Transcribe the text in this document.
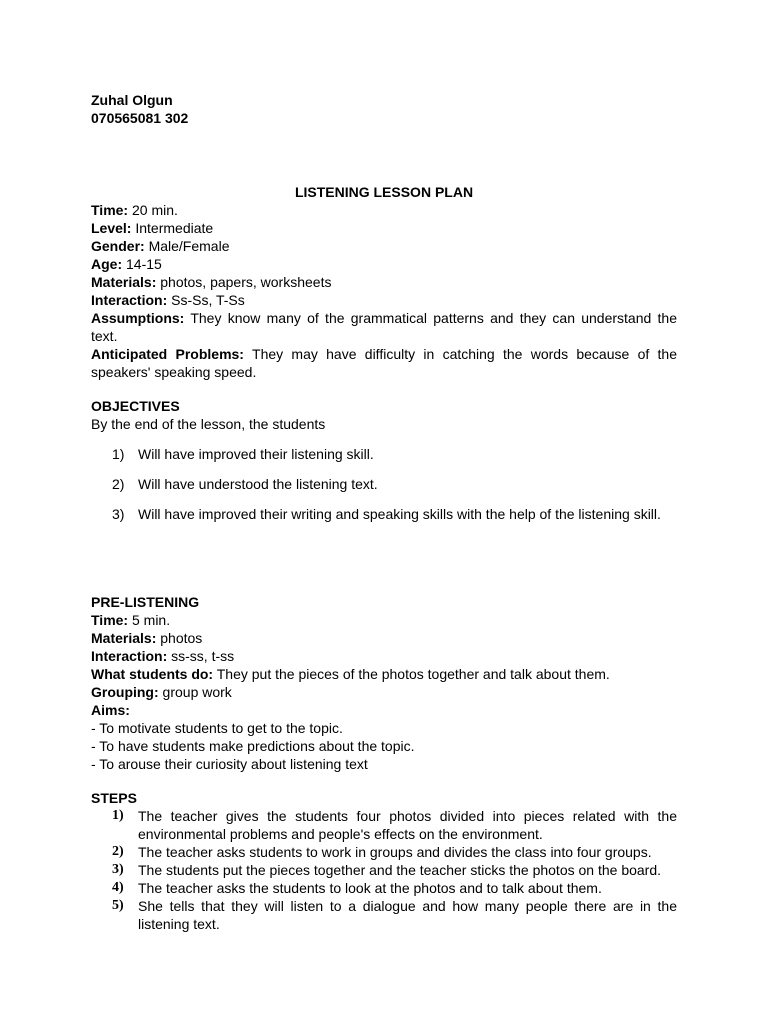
Zuhal Olgun
070565081 302
LISTENING LESSON PLAN
Time: 20 min.
Level: Intermediate
Gender: Male/Female
Age: 14-15
Materials: photos, papers, worksheets
Interaction: Ss-Ss, T-Ss
Assumptions: They know many of the grammatical patterns and they can understand the text.
Anticipated Problems: They may have difficulty in catching the words because of the speakers' speaking speed.
OBJECTIVES
By the end of the lesson, the students
1) Will have improved their listening skill.
2) Will have understood the listening text.
3) Will have improved their writing and speaking skills with the help of the listening skill.
PRE-LISTENING
Time: 5 min.
Materials: photos
Interaction: ss-ss, t-ss
What students do: They put the pieces of the photos together and talk about them.
Grouping: group work
Aims:
- To motivate students to get to the topic.
- To have students make predictions about the topic.
- To arouse their curiosity about listening text
STEPS
1)	The teacher gives the students four photos divided into pieces related with the environmental problems and people's effects on the environment.
2)	The teacher asks students to work in groups and divides the class into four groups.
3)	The students put the pieces together and the teacher sticks the photos on the board.
4)	The teacher asks the students to look at the photos and to talk about them.
5)	She tells that they will listen to a dialogue and how many people there are in the listening text.
